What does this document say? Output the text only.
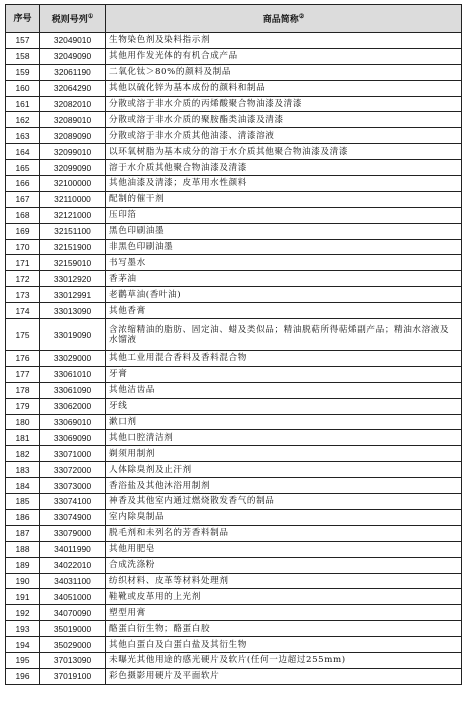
序号	税则号列①	商品简称②
157	32049010	生物染色剂及染料指示剂
158	32049090	其他用作发光体的有机合成产品
159	32061190	二氧化钛＞80%的颜料及制品
160	32064290	其他以硫化锌为基本成份的颜料和制品
161	32082010	分散或溶于非水介质的丙烯酸聚合物油漆及清漆
162	32089010	分散或溶于非水介质的聚胺酯类油漆及清漆
163	32089090	分散或溶于非水介质其他油漆、清漆溶液
164	32099010	以环氧树脂为基本成分的溶于水介质其他聚合物油漆及清漆
165	32099090	溶于水介质其他聚合物油漆及清漆
166	32100000	其他油漆及清漆；皮革用水性颜料
167	32110000	配制的催干剂
168	32121000	压印箔
169	32151100	黑色印刷油墨
170	32151900	非黑色印刷油墨
171	32159010	书写墨水
172	33012920	香茅油
173	33012991	老鹳草油(香叶油)
174	33013090	其他香膏
175	33019090	含浓缩精油的脂肪、固定油、蜡及类似品；精油脱萜所得萜烯副产品；精油水溶液及水馏液
176	33029000	其他工业用混合香料及香料混合物
177	33061010	牙膏
178	33061090	其他洁齿品
179	33062000	牙线
180	33069010	漱口剂
181	33069090	其他口腔清洁剂
182	33071000	剃须用制剂
183	33072000	人体除臭剂及止汗剂
184	33073000	香浴盐及其他沐浴用制剂
185	33074100	神香及其他室内通过燃烧散发香气的制品
186	33074900	室内除臭制品
187	33079000	脱毛剂和未列名的芳香料制品
188	34011990	其他用肥皂
189	34022010	合成洗涤粉
190	34031100	纺织材料、皮革等材料处理剂
191	34051000	鞋靴或皮革用的上光剂
192	34070090	塑型用膏
193	35019000	酪蛋白衍生物；酪蛋白胶
194	35029000	其他白蛋白及白蛋白盐及其衍生物
195	37013090	未曝光其他用途的感光硬片及软片(任何一边超过255mm)
196	37019100	彩色摄影用硬片及平面软片
